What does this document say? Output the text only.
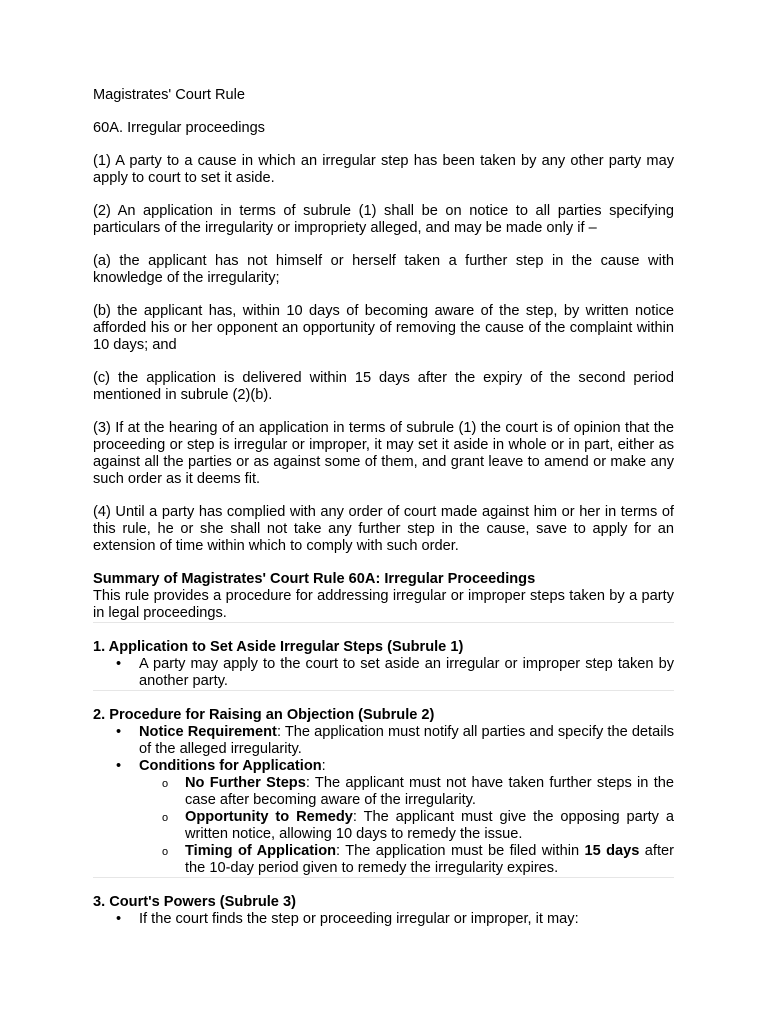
Magistrates' Court Rule

60A. Irregular proceedings

(1) A party to a cause in which an irregular step has been taken by any other party may apply to court to set it aside.

(2) An application in terms of subrule (1) shall be on notice to all parties specifying particulars of the irregularity or impropriety alleged, and may be made only if –

(a) the applicant has not himself or herself taken a further step in the cause with knowledge of the irregularity;

(b) the applicant has, within 10 days of becoming aware of the step, by written notice afforded his or her opponent an opportunity of removing the cause of the complaint within 10 days; and

(c) the application is delivered within 15 days after the expiry of the second period mentioned in subrule (2)(b).

(3) If at the hearing of an application in terms of subrule (1) the court is of opinion that the proceeding or step is irregular or improper, it may set it aside in whole or in part, either as against all the parties or as against some of them, and grant leave to amend or make any such order as it deems fit.

(4) Until a party has complied with any order of court made against him or her in terms of this rule, he or she shall not take any further step in the cause, save to apply for an extension of time within which to comply with such order.

Summary of Magistrates' Court Rule 60A: Irregular Proceedings
This rule provides a procedure for addressing irregular or improper steps taken by a party in legal proceedings.
1. Application to Set Aside Irregular Steps (Subrule 1)
• A party may apply to the court to set aside an irregular or improper step taken by another party.
2. Procedure for Raising an Objection (Subrule 2)
• Notice Requirement: The application must notify all parties and specify the details of the alleged irregularity.
• Conditions for Application:
o No Further Steps: The applicant must not have taken further steps in the case after becoming aware of the irregularity.
o Opportunity to Remedy: The applicant must give the opposing party a written notice, allowing 10 days to remedy the issue.
o Timing of Application: The application must be filed within 15 days after the 10-day period given to remedy the irregularity expires.
3. Court's Powers (Subrule 3)
• If the court finds the step or proceeding irregular or improper, it may:
